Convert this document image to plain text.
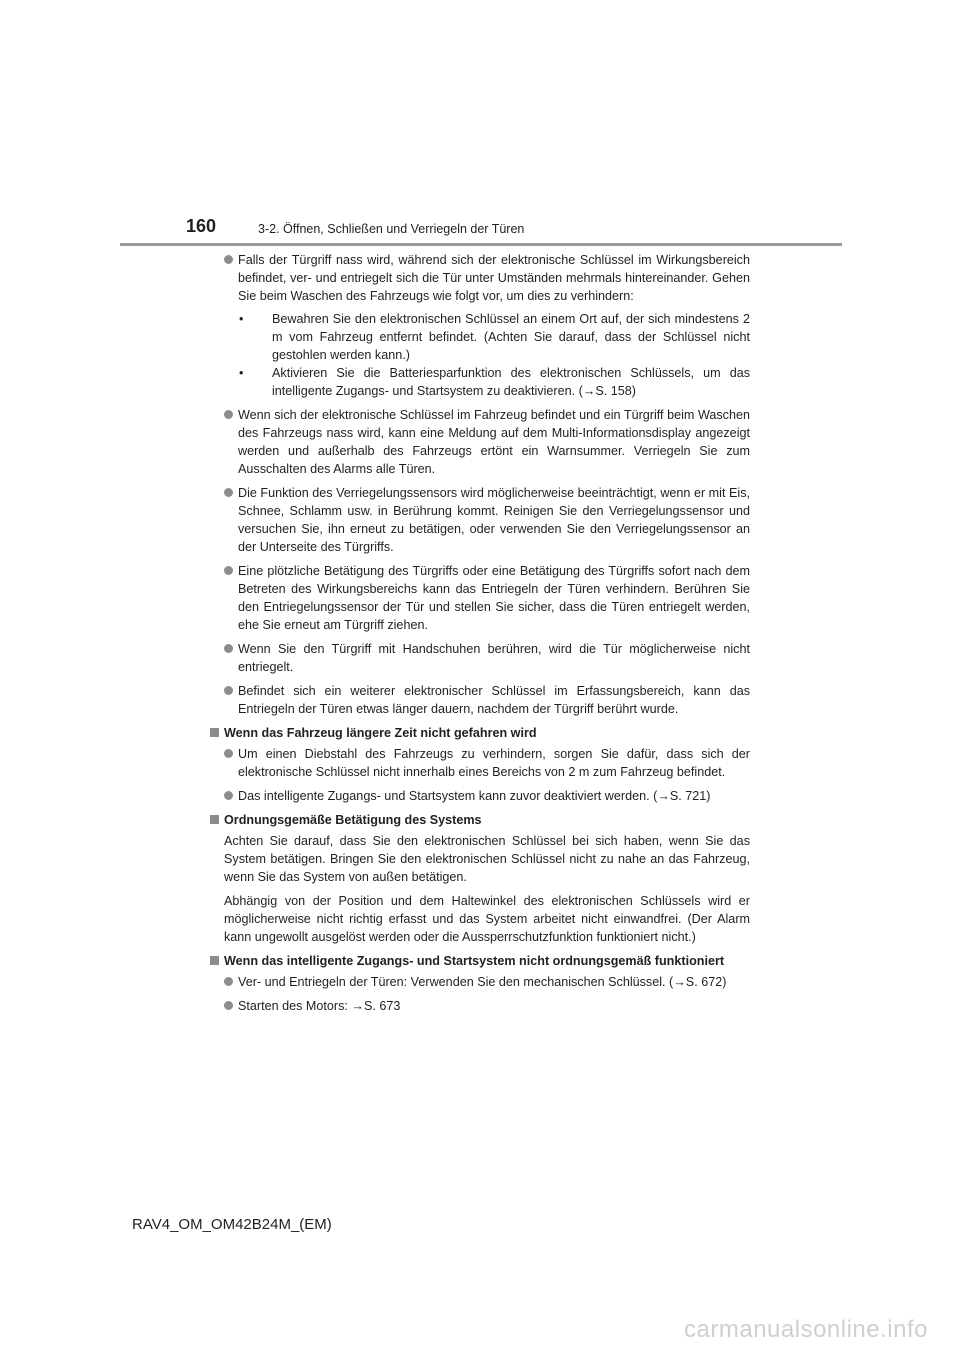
160	3-2. Öffnen, Schließen und Verriegeln der Türen
Falls der Türgriff nass wird, während sich der elektronische Schlüssel im Wirkungsbereich befindet, ver- und entriegelt sich die Tür unter Umständen mehrmals hintereinander. Gehen Sie beim Waschen des Fahrzeugs wie folgt vor, um dies zu verhindern:
• Bewahren Sie den elektronischen Schlüssel an einem Ort auf, der sich mindestens 2 m vom Fahrzeug entfernt befindet. (Achten Sie darauf, dass der Schlüssel nicht gestohlen werden kann.)
• Aktivieren Sie die Batteriesparfunktion des elektronischen Schlüssels, um das intelligente Zugangs- und Startsystem zu deaktivieren. (→S. 158)
Wenn sich der elektronische Schlüssel im Fahrzeug befindet und ein Türgriff beim Waschen des Fahrzeugs nass wird, kann eine Meldung auf dem Multi-Informationsdisplay angezeigt werden und außerhalb des Fahrzeugs ertönt ein Warnsummer. Verriegeln Sie zum Ausschalten des Alarms alle Türen.
Die Funktion des Verriegelungssensors wird möglicherweise beeinträchtigt, wenn er mit Eis, Schnee, Schlamm usw. in Berührung kommt. Reinigen Sie den Verriegelungssensor und versuchen Sie, ihn erneut zu betätigen, oder verwenden Sie den Verriegelungssensor an der Unterseite des Türgriffs.
Eine plötzliche Betätigung des Türgriffs oder eine Betätigung des Türgriffs sofort nach dem Betreten des Wirkungsbereichs kann das Entriegeln der Türen verhindern. Berühren Sie den Entriegelungssensor der Tür und stellen Sie sicher, dass die Türen entriegelt werden, ehe Sie erneut am Türgriff ziehen.
Wenn Sie den Türgriff mit Handschuhen berühren, wird die Tür möglicherweise nicht entriegelt.
Befindet sich ein weiterer elektronischer Schlüssel im Erfassungsbereich, kann das Entriegeln der Türen etwas länger dauern, nachdem der Türgriff berührt wurde.
Wenn das Fahrzeug längere Zeit nicht gefahren wird
Um einen Diebstahl des Fahrzeugs zu verhindern, sorgen Sie dafür, dass sich der elektronische Schlüssel nicht innerhalb eines Bereichs von 2 m zum Fahrzeug befindet.
Das intelligente Zugangs- und Startsystem kann zuvor deaktiviert werden. (→S. 721)
Ordnungsgemäße Betätigung des Systems
Achten Sie darauf, dass Sie den elektronischen Schlüssel bei sich haben, wenn Sie das System betätigen. Bringen Sie den elektronischen Schlüssel nicht zu nahe an das Fahrzeug, wenn Sie das System von außen betätigen.
Abhängig von der Position und dem Haltewinkel des elektronischen Schlüssels wird er möglicherweise nicht richtig erfasst und das System arbeitet nicht einwandfrei. (Der Alarm kann ungewollt ausgelöst werden oder die Aussperrschutzfunktion funktioniert nicht.)
Wenn das intelligente Zugangs- und Startsystem nicht ordnungsgemäß funktioniert
Ver- und Entriegeln der Türen: Verwenden Sie den mechanischen Schlüssel. (→S. 672)
Starten des Motors: →S. 673
RAV4_OM_OM42B24M_(EM)
carmanualsonline.info
